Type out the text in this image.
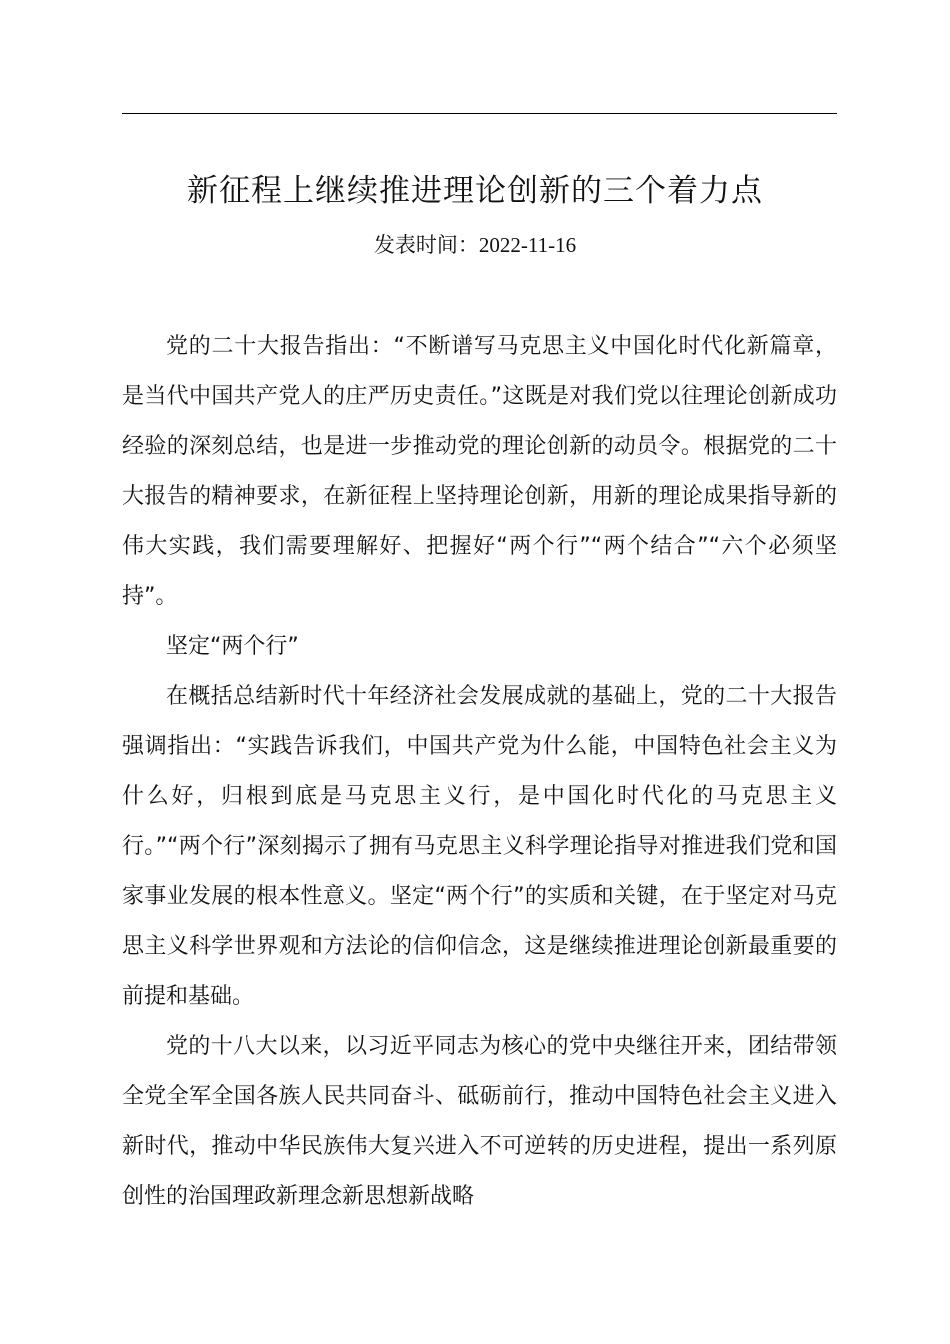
新征程上继续推进理论创新的三个着力点
发表时间：2022-11-16

党的二十大报告指出：“不断谱写马克思主义中国化时代化新篇章，是当代中国共产党人的庄严历史责任。”这既是对我们党以往理论创新成功经验的深刻总结，也是进一步推动党的理论创新的动员令。根据党的二十大报告的精神要求，在新征程上坚持理论创新，用新的理论成果指导新的伟大实践，我们需要理解好、把握好“两个行”“两个结合”“六个必须坚持”。

坚定“两个行”

在概括总结新时代十年经济社会发展成就的基础上，党的二十大报告强调指出：“实践告诉我们，中国共产党为什么能，中国特色社会主义为什么好，归根到底是马克思主义行，是中国化时代化的马克思主义行。”“两个行”深刻揭示了拥有马克思主义科学理论指导对推进我们党和国家事业发展的根本性意义。坚定“两个行”的实质和关键，在于坚定对马克思主义科学世界观和方法论的信仰信念，这是继续推进理论创新最重要的前提和基础。

党的十八大以来，以习近平同志为核心的党中央继往开来，团结带领全党全军全国各族人民共同奋斗、砥砺前行，推动中国特色社会主义进入新时代，推动中华民族伟大复兴进入不可逆转的历史进程，提出一系列原创性的治国理政新理念新思想新战略
